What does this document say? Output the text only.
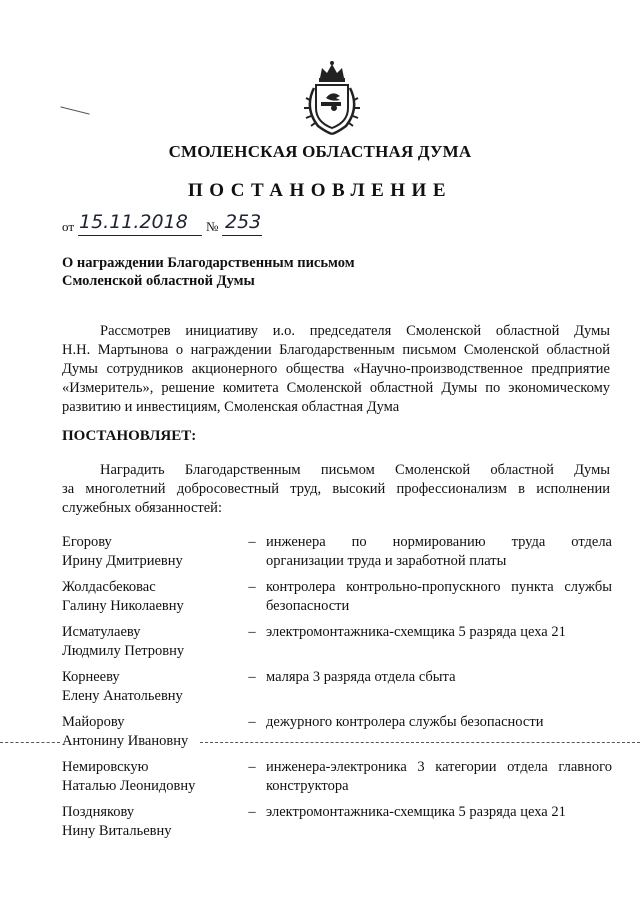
СМОЛЕНСКАЯ ОБЛАСТНАЯ ДУМА
ПОСТАНОВЛЕНИЕ
от 15.11.2018 № 253
О награждении Благодарственным письмом
Смоленской областной Думы
Рассмотрев инициативу и.о. председателя Смоленской областной Думы
Н.Н. Мартынова о награждении Благодарственным письмом Смоленской областной
Думы сотрудников акционерного общества «Научно-производственное предприятие
«Измеритель», решение комитета Смоленской областной Думы по экономическому
развитию и инвестициям, Смоленская областная Дума
ПОСТАНОВЛЯЕТ:
Наградить Благодарственным письмом Смоленской областной Думы
за многолетний добросовестный труд, высокий профессионализм в исполнении
служебных обязанностей:
Егорову
Ирину Дмитриевну
– инженера по нормированию труда отдела
организации труда и заработной платы
Жолдасбековас
Галину Николаевну
– контролера контрольно-пропускного пункта службы
безопасности
Исматулаеву
Людмилу Петровну
– электромонтажника-схемщика 5 разряда цеха 21
Корнееву
Елену Анатольевну
– маляра 3 разряда отдела сбыта
Майорову
Антонину Ивановну
– дежурного контролера службы безопасности
Немировскую
Наталью Леонидовну
– инженера-электроника 3 категории отдела главного
конструктора
Позднякову
Нину Витальевну
– электромонтажника-схемщика 5 разряда цеха 21
